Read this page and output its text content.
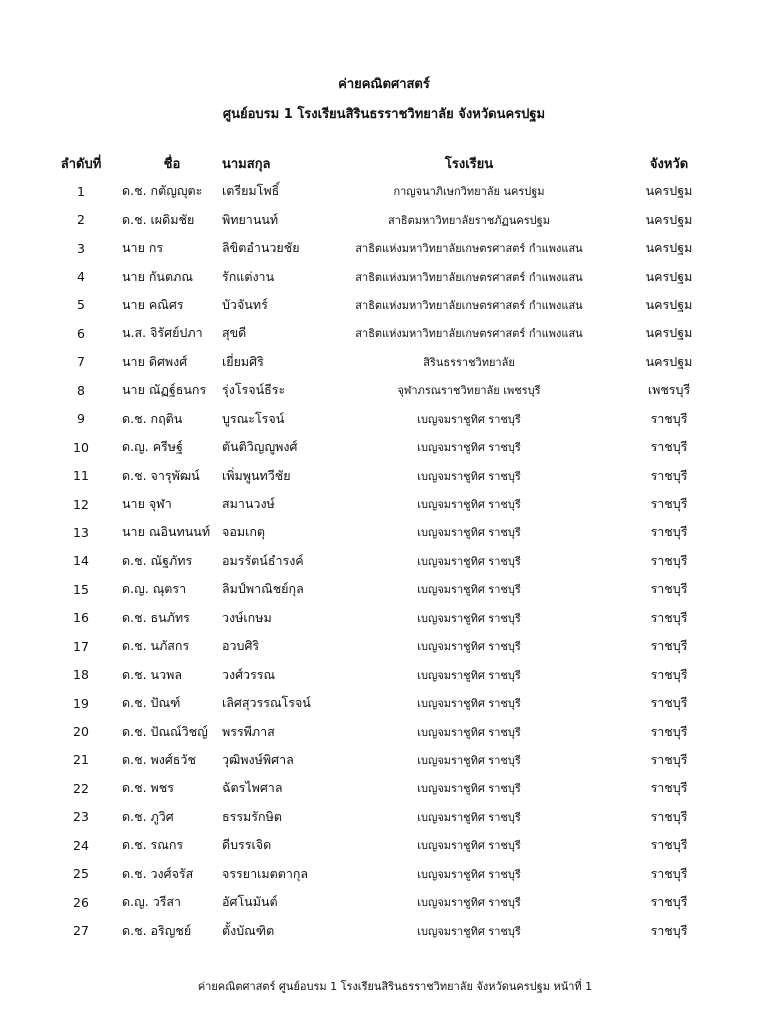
ค่ายคณิตศาสตร์
ศูนย์อบรม 1 โรงเรียนสิรินธรราชวิทยาลัย จังหวัดนครปฐม
ลำดับที่	ชื่อ	นามสกุล	โรงเรียน	จังหวัด
1	ด.ช. กตัญญุตะ	เตรียมโพธิ์	กาญจนาภิเษกวิทยาลัย นครปฐม	นครปฐม
2	ด.ช. เผดิมชัย	พิทยานนท์	สาธิตมหาวิทยาลัยราชภัฏนครปฐม	นครปฐม
3	นาย กร	ลิขิตอำนวยชัย	สาธิตแห่งมหาวิทยาลัยเกษตรศาสตร์ กำแพงแสน	นครปฐม
4	นาย กันตภณ	รักแต่งาน	สาธิตแห่งมหาวิทยาลัยเกษตรศาสตร์ กำแพงแสน	นครปฐม
5	นาย คณิศร	บัวจันทร์	สาธิตแห่งมหาวิทยาลัยเกษตรศาสตร์ กำแพงแสน	นครปฐม
6	น.ส. จิรัศย์ปภา	สุขดี	สาธิตแห่งมหาวิทยาลัยเกษตรศาสตร์ กำแพงแสน	นครปฐม
7	นาย ดิศพงศ์	เยี่ยมศิริ	สิรินธรราชวิทยาลัย	นครปฐม
8	นาย ณัฏฐ์ธนกร	รุ่งโรจน์ธีระ	จุฬาภรณราชวิทยาลัย เพชรบุรี	เพชรบุรี
9	ด.ช. กฤติน	บูรณะโรจน์	เบญจมราชูทิศ ราชบุรี	ราชบุรี
10	ด.ญ. ครีษฐ์	ตันติวิญญูพงศ์	เบญจมราชูทิศ ราชบุรี	ราชบุรี
11	ด.ช. จารุพัฒน์	เพิ่มพูนทวีชัย	เบญจมราชูทิศ ราชบุรี	ราชบุรี
12	นาย จุฬา	สมานวงษ์	เบญจมราชูทิศ ราชบุรี	ราชบุรี
13	นาย ณอินทนนท์	จอมเกตุ	เบญจมราชูทิศ ราชบุรี	ราชบุรี
14	ด.ช. ณัฐภัทร	อมรรัตน์ธำรงค์	เบญจมราชูทิศ ราชบุรี	ราชบุรี
15	ด.ญ. ณุตรา	ลิมป์พาณิชย์กุล	เบญจมราชูทิศ ราชบุรี	ราชบุรี
16	ด.ช. ธนภัทร	วงษ์เกษม	เบญจมราชูทิศ ราชบุรี	ราชบุรี
17	ด.ช. นภัสกร	อวบศิริ	เบญจมราชูทิศ ราชบุรี	ราชบุรี
18	ด.ช. นวพล	วงศ์วรรณ	เบญจมราชูทิศ ราชบุรี	ราชบุรี
19	ด.ช. ปัณฑ์	เลิศสุวรรณโรจน์	เบญจมราชูทิศ ราชบุรี	ราชบุรี
20	ด.ช. ปัณณ์วิชญ์	พรรพีภาส	เบญจมราชูทิศ ราชบุรี	ราชบุรี
21	ด.ช. พงศ์ธวัช	วุฒิพงษ์พิศาล	เบญจมราชูทิศ ราชบุรี	ราชบุรี
22	ด.ช. พชร	ฉัตรไพศาล	เบญจมราชูทิศ ราชบุรี	ราชบุรี
23	ด.ช. ภูวิศ	ธรรมรักษิต	เบญจมราชูทิศ ราชบุรี	ราชบุรี
24	ด.ช. รณกร	ดีบรรเจิด	เบญจมราชูทิศ ราชบุรี	ราชบุรี
25	ด.ช. วงศ์จรัส	จรรยาเมตตากุล	เบญจมราชูทิศ ราชบุรี	ราชบุรี
26	ด.ญ. วรีสา	อัศโนมันต์	เบญจมราชูทิศ ราชบุรี	ราชบุรี
27	ด.ช. อริญชย์	ตั้งบัณฑิต	เบญจมราชูทิศ ราชบุรี	ราชบุรี
ค่ายคณิตศาสตร์ ศูนย์อบรม 1 โรงเรียนสิรินธรราชวิทยาลัย จังหวัดนครปฐม หน้าที่ 1
